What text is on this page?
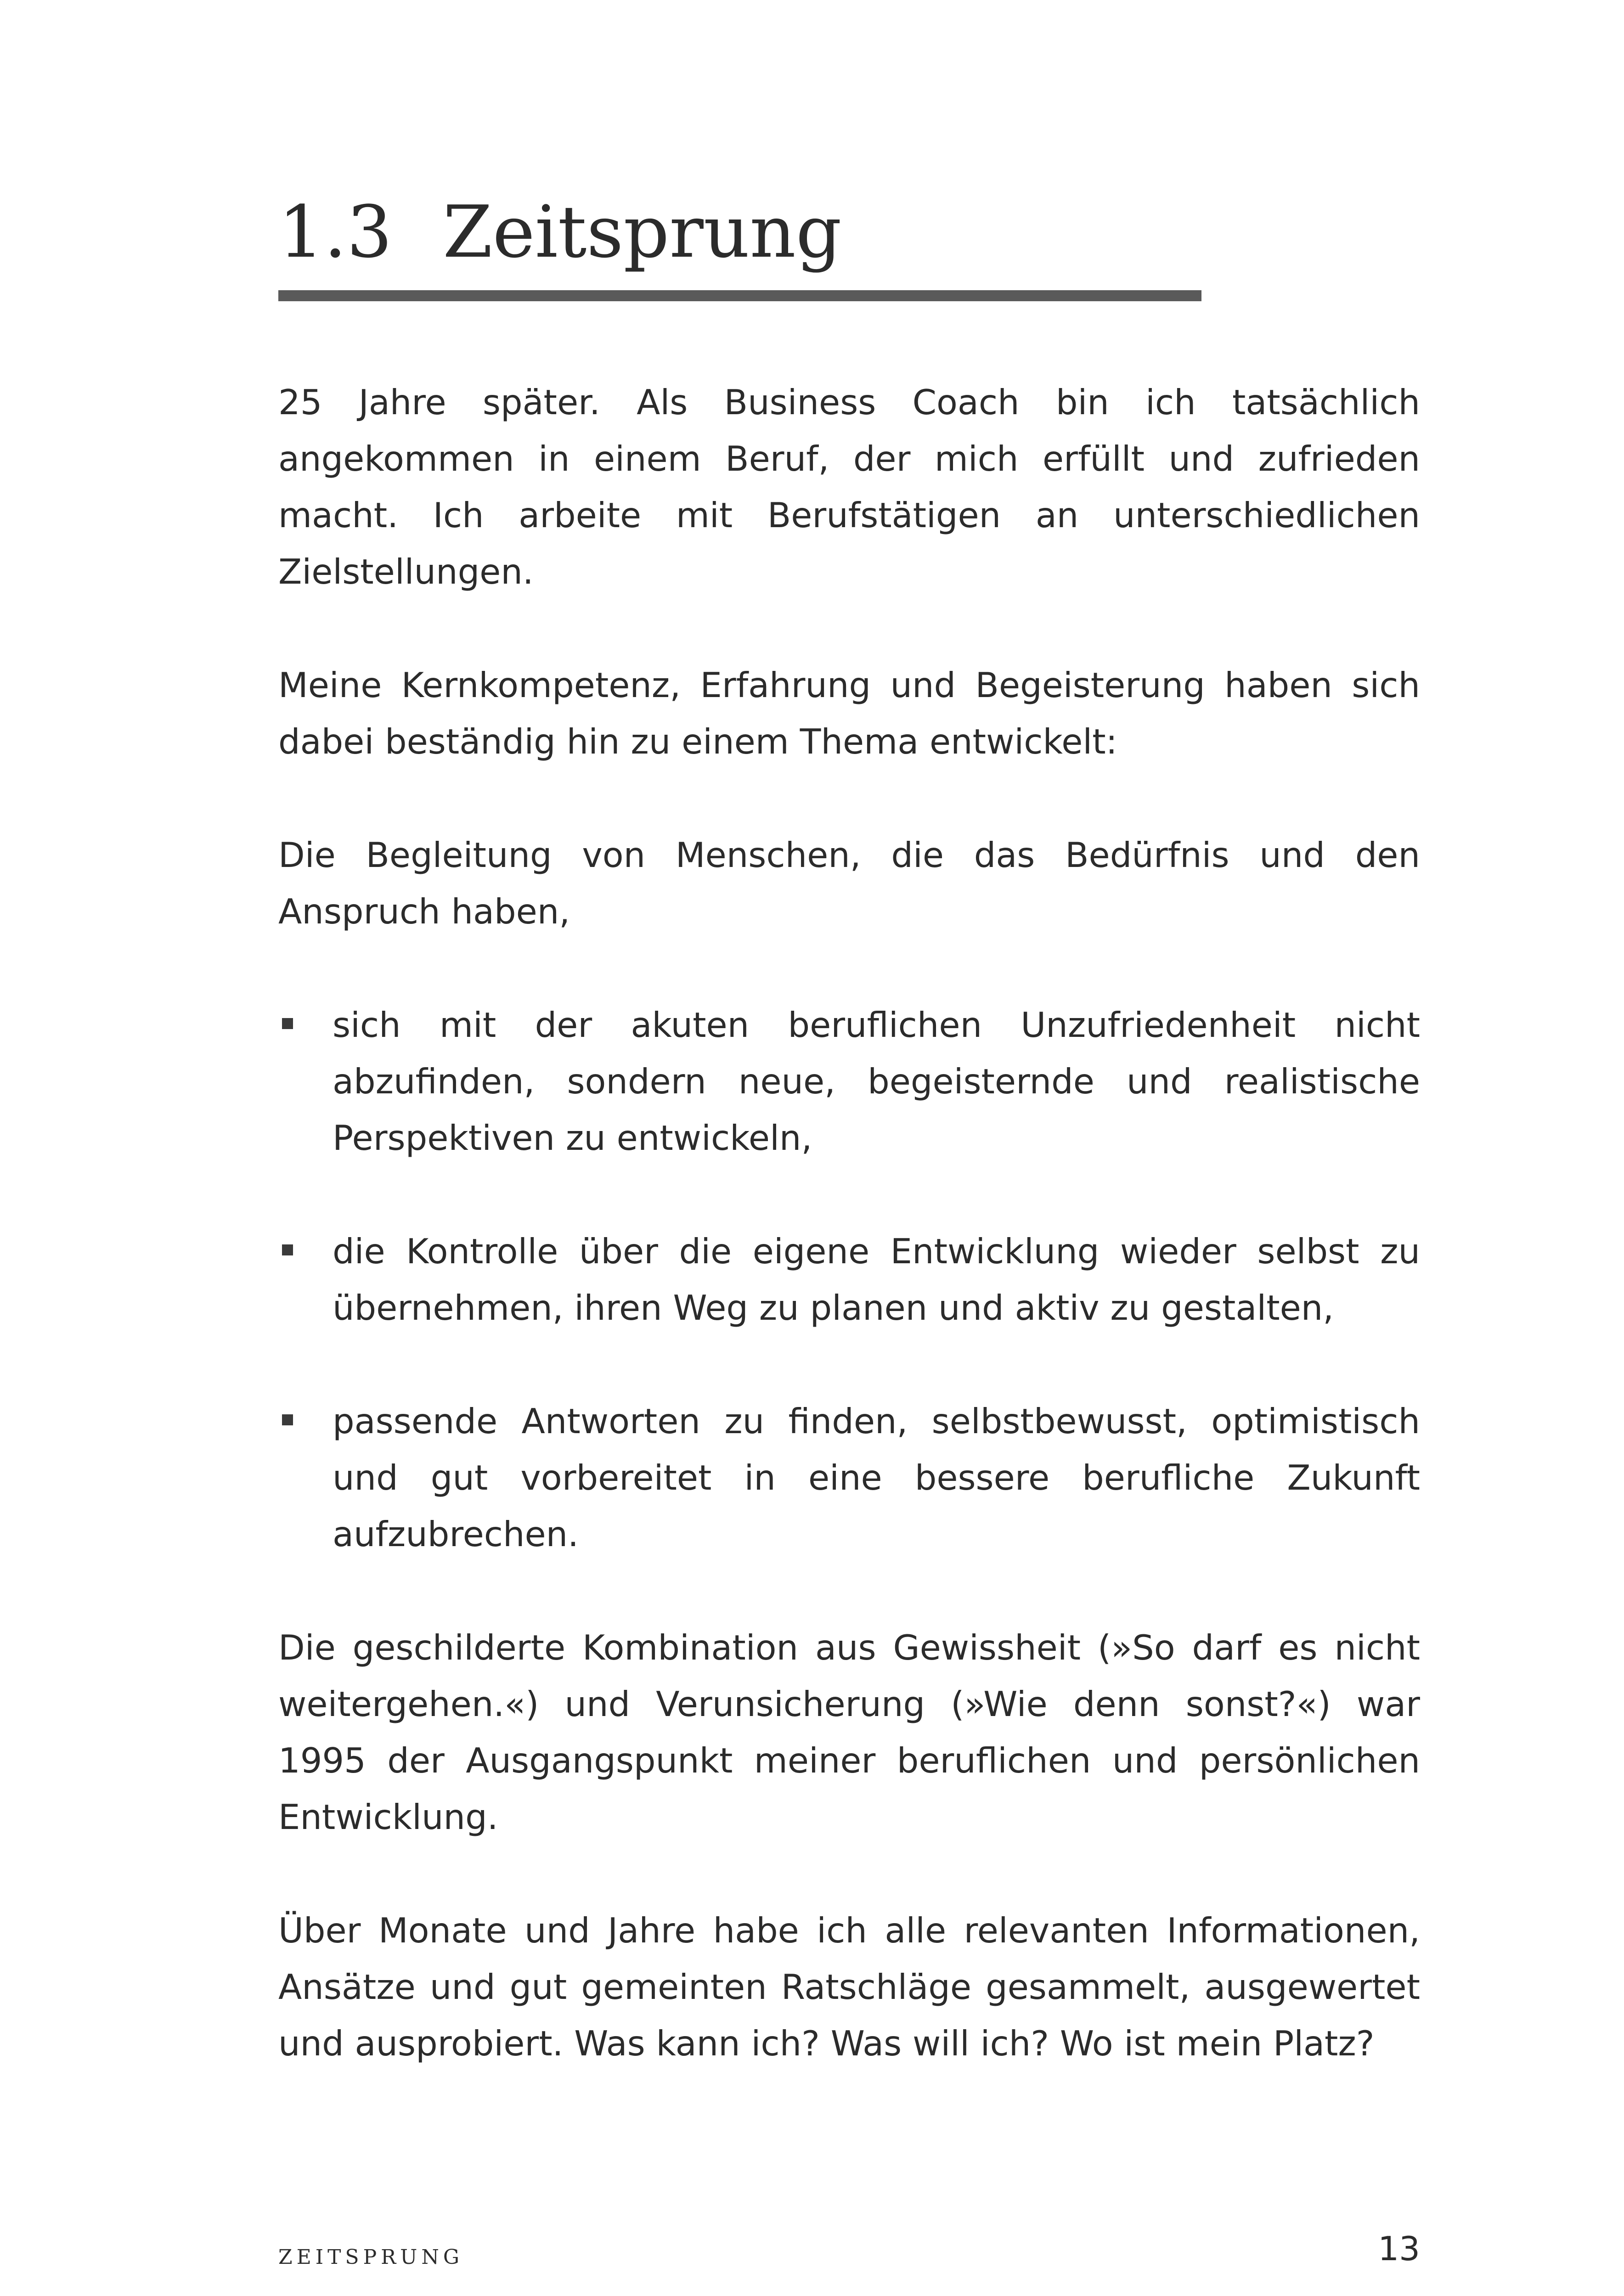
1.3 Zeitsprung

25 Jahre später. Als Business Coach bin ich tatsächlich angekommen in einem Beruf, der mich erfüllt und zufrieden macht. Ich arbeite mit Berufstätigen an unterschiedlichen Zielstellungen.

Meine Kernkompetenz, Erfahrung und Begeisterung haben sich dabei beständig hin zu einem Thema entwickelt:

Die Begleitung von Menschen, die das Bedürfnis und den Anspruch haben,

sich mit der akuten beruflichen Unzufriedenheit nicht abzufinden, sondern neue, begeisternde und realistische Perspektiven zu entwickeln,
die Kontrolle über die eigene Entwicklung wieder selbst zu übernehmen, ihren Weg zu planen und aktiv zu gestalten,
passende Antworten zu finden, selbstbewusst, optimistisch und gut vorbereitet in eine bessere berufliche Zukunft aufzubrechen.

Die geschilderte Kombination aus Gewissheit (»So darf es nicht weitergehen.«) und Verunsicherung (»Wie denn sonst?«) war 1995 der Ausgangspunkt meiner beruflichen und persönlichen Entwicklung.

Über Monate und Jahre habe ich alle relevanten Informationen, Ansätze und gut gemeinten Ratschläge gesammelt, ausgewertet und ausprobiert. Was kann ich? Was will ich? Wo ist mein Platz?

ZEITSPRUNG	13
